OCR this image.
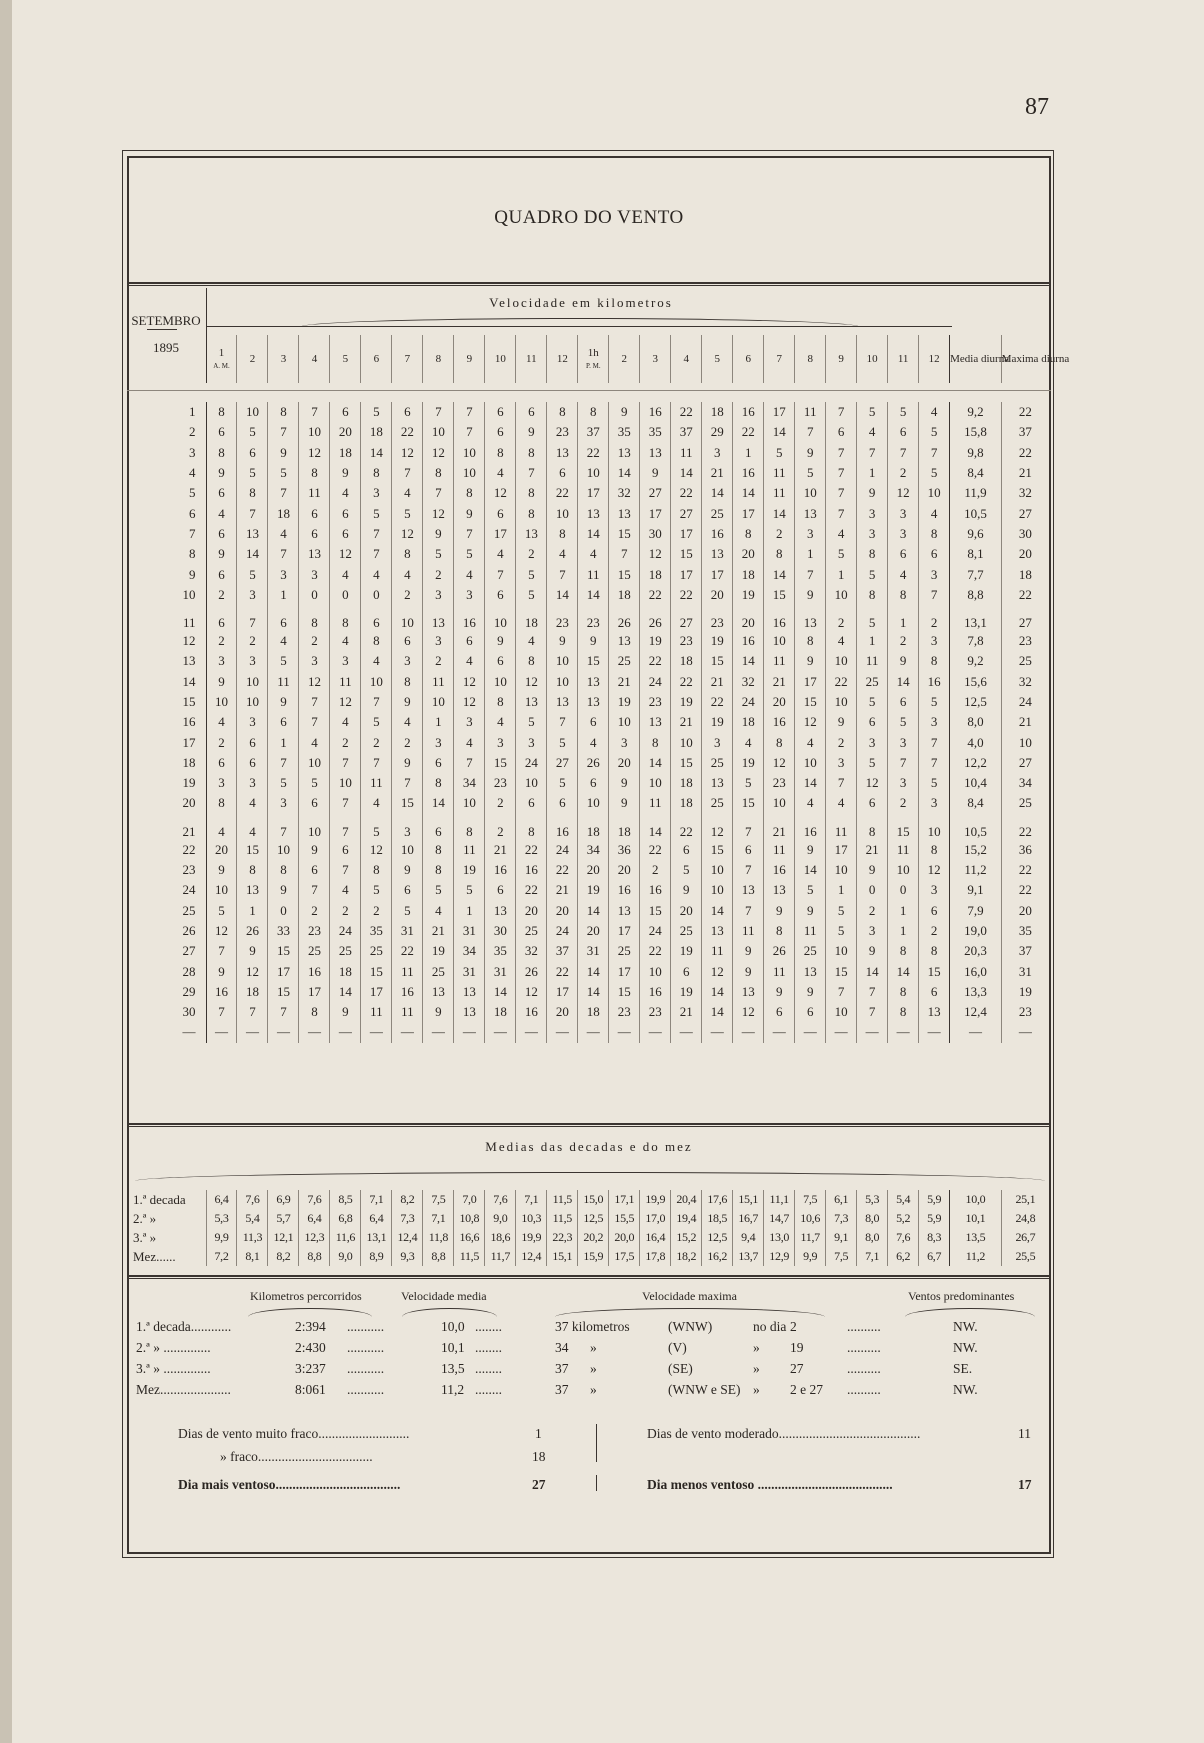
87
QUADRO DO VENTO
SETEMBRO
1895
Velocidade em kilometros
	1
A. M.	2	3	4	5	6	7	8	9	10	11	12	1h
P. M.	2	3	4	5	6	7	8	9	10	11	12	Media diurna	Maxima diurna
1	8	10	8	7	6	5	6	7	7	6	6	8	8	9	16	22	18	16	17	11	7	5	5	4	9,2	22
2	6	5	7	10	20	18	22	10	7	6	9	23	37	35	35	37	29	22	14	7	6	4	6	5	15,8	37
3	8	6	9	12	18	14	12	12	10	8	8	13	22	13	13	11	3	1	5	9	7	7	7	7	9,8	22
4	9	5	5	8	9	8	7	8	10	4	7	6	10	14	9	14	21	16	11	5	7	1	2	5	8,4	21
5	6	8	7	11	4	3	4	7	8	12	8	22	17	32	27	22	14	14	11	10	7	9	12	10	11,9	32
6	4	7	18	6	6	5	5	12	9	6	8	10	13	13	17	27	25	17	14	13	7	3	3	4	10,5	27
7	6	13	4	6	6	7	12	9	7	17	13	8	14	15	30	17	16	8	2	3	4	3	3	8	9,6	30
8	9	14	7	13	12	7	8	5	5	4	2	4	4	7	12	15	13	20	8	1	5	8	6	6	8,1	20
9	6	5	3	3	4	4	4	2	4	7	5	7	11	15	18	17	17	18	14	7	1	5	4	3	7,7	18
10	2	3	1	0	0	0	2	3	3	6	5	14	14	18	22	22	20	19	15	9	10	8	8	7	8,8	22
11	6	7	6	8	8	6	10	13	16	10	18	23	23	26	26	27	23	20	16	13	2	5	1	2	13,1	27
12	2	2	4	2	4	8	6	3	6	9	4	9	9	13	19	23	19	16	10	8	4	1	2	3	7,8	23
13	3	3	5	3	3	4	3	2	4	6	8	10	15	25	22	18	15	14	11	9	10	11	9	8	9,2	25
14	9	10	11	12	11	10	8	11	12	10	12	10	13	21	24	22	21	32	21	17	22	25	14	16	15,6	32
15	10	10	9	7	12	7	9	10	12	8	13	13	13	19	23	19	22	24	20	15	10	5	6	5	12,5	24
16	4	3	6	7	4	5	4	1	3	4	5	7	6	10	13	21	19	18	16	12	9	6	5	3	8,0	21
17	2	6	1	4	2	2	2	3	4	3	3	5	4	3	8	10	3	4	8	4	2	3	3	7	4,0	10
18	6	6	7	10	7	7	9	6	7	15	24	27	26	20	14	15	25	19	12	10	3	5	7	7	12,2	27
19	3	3	5	5	10	11	7	8	34	23	10	5	6	9	10	18	13	5	23	14	7	12	3	5	10,4	34
20	8	4	3	6	7	4	15	14	10	2	6	6	10	9	11	18	25	15	10	4	4	6	2	3	8,4	25
21	4	4	7	10	7	5	3	6	8	2	8	16	18	18	14	22	12	7	21	16	11	8	15	10	10,5	22
22	20	15	10	9	6	12	10	8	11	21	22	24	34	36	22	6	15	6	11	9	17	21	11	8	15,2	36
23	9	8	8	6	7	8	9	8	19	16	16	22	20	20	2	5	10	7	16	14	10	9	10	12	11,2	22
24	10	13	9	7	4	5	6	5	5	6	22	21	19	16	16	9	10	13	13	5	1	0	0	3	9,1	22
25	5	1	0	2	2	2	5	4	1	13	20	20	14	13	15	20	14	7	9	9	5	2	1	6	7,9	20
26	12	26	33	23	24	35	31	21	31	30	25	24	20	17	24	25	13	11	8	11	5	3	1	2	19,0	35
27	7	9	15	25	25	25	22	19	34	35	32	37	31	25	22	19	11	9	26	25	10	9	8	8	20,3	37
28	9	12	17	16	18	15	11	25	31	31	26	22	14	17	10	6	12	9	11	13	15	14	14	15	16,0	31
29	16	18	15	17	14	17	16	13	13	14	12	17	14	15	16	19	14	13	9	9	7	7	8	6	13,3	19
30	7	7	7	8	9	11	11	9	13	18	16	20	18	23	23	21	14	12	6	6	10	7	8	13	12,4	23
—	—	—	—	—	—	—	—	—	—	—	—	—	—	—	—	—	—	—	—	—	—	—	—	—	—	—
Medias das decadas e do mez
1.ª decada	6,4	7,6	6,9	7,6	8,5	7,1	8,2	7,5	7,0	7,6	7,1	11,5	15,0	17,1	19,9	20,4	17,6	15,1	11,1	7,5	6,1	5,3	5,4	5,9	10,0	25,1
2.ª »	5,3	5,4	5,7	6,4	6,8	6,4	7,3	7,1	10,8	9,0	10,3	11,5	12,5	15,5	17,0	19,4	18,5	16,7	14,7	10,6	7,3	8,0	5,2	5,9	10,1	24,8
3.ª »	9,9	11,3	12,1	12,3	11,6	13,1	12,4	11,8	16,6	18,6	19,9	22,3	20,2	20,0	16,4	15,2	12,5	9,4	13,0	11,7	9,1	8,0	7,6	8,3	13,5	26,7
Mez......	7,2	8,1	8,2	8,8	9,0	8,9	9,3	8,8	11,5	11,7	12,4	15,1	15,9	17,5	17,8	18,2	16,2	13,7	12,9	9,9	7,5	7,1	6,2	6,7	11,2	25,5
Kilometros percorridos	Velocidade media	Velocidade maxima	Ventos predominantes
1.ª decada............	2:394 ...........	10,0 ........	37 kilometros	(WNW)	no dia 2	..........	NW.
2.ª » ..............	2:430 ...........	10,1 ........	34 »	(V)	» 19	..........	NW.
3.ª » ..............	3:237 ...........	13,5 ........	37 »	(SE)	» 27	..........	SE.
Mez.....................	8:061 ...........	11,2 ........	37 »	(WNW e SE) » 2 e 27 ..........	NW.
Dias de vento muito fraco...........................	1
» fraco..................................	18
Dia mais ventoso.....................................	27
Dias de vento moderado..........................................	11
Dia menos ventoso ........................................	17
